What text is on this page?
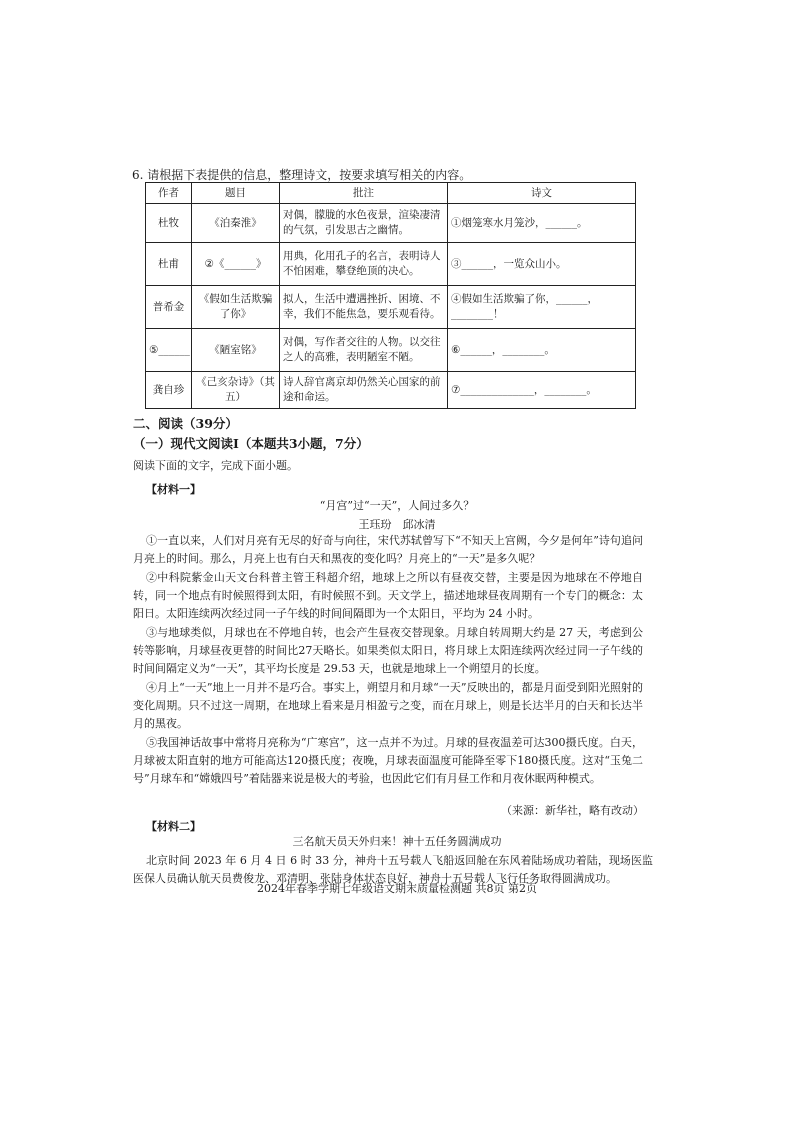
6. 请根据下表提供的信息，整理诗文，按要求填写相关的内容。
作者	题目	批注	诗文
杜牧	《泊秦淮》	对偶，朦胧的水色夜景，渲染凄清的气氛，引发思古之幽情。	①烟笼寒水月笼沙，______。
杜甫	②《______》	用典，化用孔子的名言，表明诗人不怕困难，攀登绝顶的决心。	③______，一览众山小。
普希金	《假如生活欺骗了你》	拟人，生活中遭遇挫折、困境、不幸，我们不能焦急，要乐观看待。	④假如生活欺骗了你，______，________！
⑤______	《陋室铭》	对偶，写作者交往的人物。以交往之人的高雅，表明陋室不陋。	⑥______，________。
龚自珍	《己亥杂诗》（其五）	诗人辞官离京却仍然关心国家的前途和命运。	⑦______________，________。
二、阅读（39分）
（一）现代文阅读Ⅰ（本题共3小题，7分）
阅读下面的文字，完成下面小题。
【材料一】
“月宫”过“一天”，人间过多久？
王珏玢　邱冰清
①一直以来，人们对月亮有无尽的好奇与向往，宋代苏轼曾写下“不知天上宫阙，今夕是何年”诗句追问月亮上的时间。那么，月亮上也有白天和黑夜的变化吗？月亮上的“一天”是多久呢？
②中科院紫金山天文台科普主管王科超介绍，地球上之所以有昼夜交替，主要是因为地球在不停地自转，同一个地点有时候照得到太阳，有时候照不到。天文学上，描述地球昼夜周期有一个专门的概念：太阳日。太阳连续两次经过同一子午线的时间间隔即为一个太阳日，平均为 24 小时。
③与地球类似，月球也在不停地自转，也会产生昼夜交替现象。月球自转周期大约是 27 天，考虑到公转等影响，月球昼夜更替的时间比27天略长。如果类似太阳日，将月球上太阳连续两次经过同一子午线的时间间隔定义为“一天”，其平均长度是 29.53 天，也就是地球上一个朔望月的长度。
④月上“一天”地上一月并不是巧合。事实上，朔望月和月球“一天”反映出的，都是月面受到阳光照射的变化周期。只不过这一周期，在地球上看来是月相盈亏之变，而在月球上，则是长达半月的白天和长达半月的黑夜。
⑤我国神话故事中常将月亮称为“广寒宫”，这一点并不为过。月球的昼夜温差可达300摄氏度。白天，月球被太阳直射的地方可能高达120摄氏度；夜晚，月球表面温度可能降至零下180摄氏度。这对“玉兔二号”月球车和“嫦娥四号”着陆器来说是极大的考验，也因此它们有月昼工作和月夜休眠两种模式。
（来源：新华社，略有改动）
【材料二】
三名航天员天外归来！神十五任务圆满成功
北京时间 2023 年 6 月 4 日 6 时 33 分，神舟十五号载人飞船返回舱在东风着陆场成功着陆，现场医监医保人员确认航天员费俊龙、邓清明、张陆身体状态良好，神舟十五号载人飞行任务取得圆满成功。
2024年春季学期七年级语文期末质量检测题 共8页 第2页
